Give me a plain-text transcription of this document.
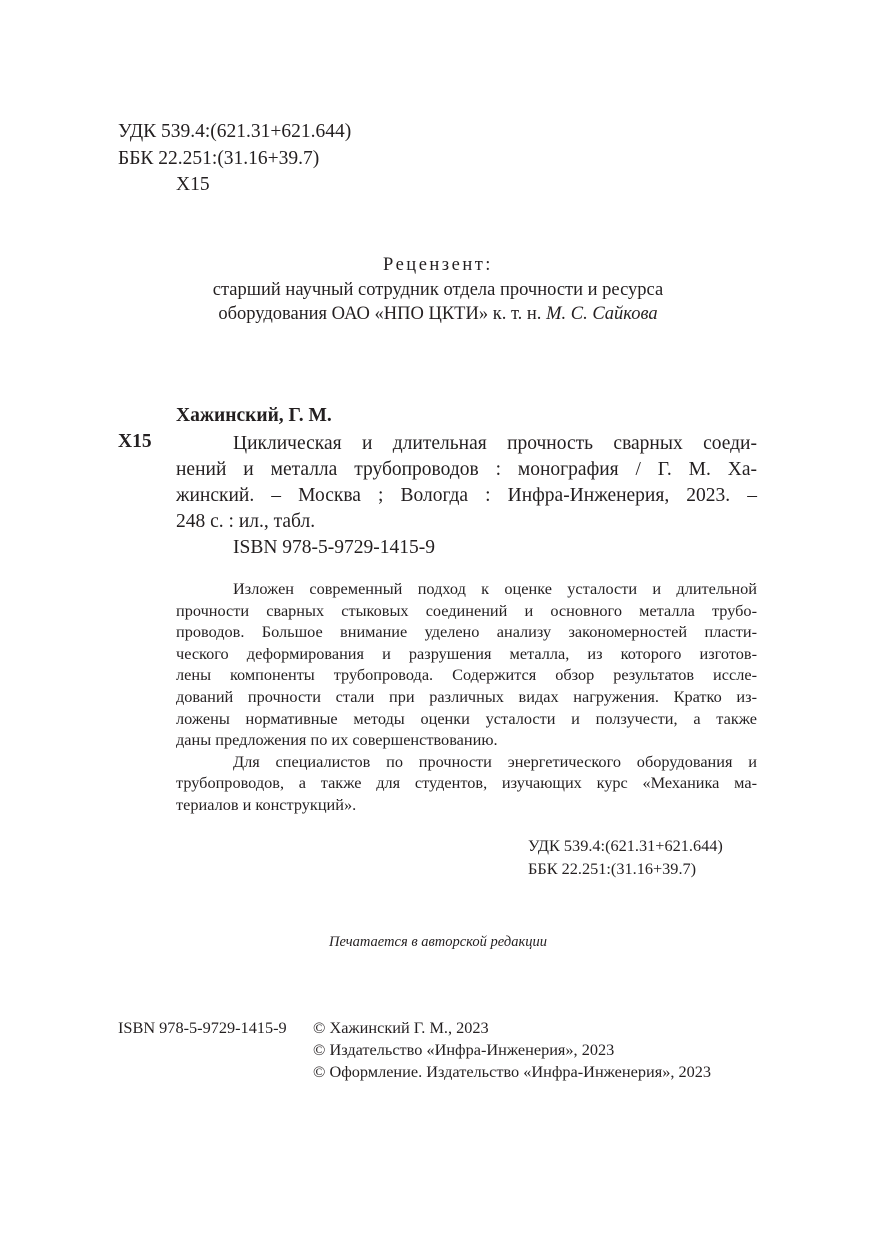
УДК 539.4:(621.31+621.644)
ББК 22.251:(31.16+39.7)
Х15
Рецензент:
старший научный сотрудник отдела прочности и ресурса
оборудования ОАО «НПО ЦКТИ» к. т. н. М. С. Сайкова
Хажинский, Г. М.
Х15	Циклическая и длительная прочность сварных соеди-
нений и металла трубопроводов : монография / Г. М. Ха-
жинский. – Москва ; Вологда : Инфра-Инженерия, 2023. –
248 с. : ил., табл.
ISBN 978-5-9729-1415-9
Изложен современный подход к оценке усталости и длительной
прочности сварных стыковых соединений и основного металла трубо-
проводов. Большое внимание уделено анализу закономерностей пласти-
ческого деформирования и разрушения металла, из которого изготов-
лены компоненты трубопровода. Содержится обзор результатов иссле-
дований прочности стали при различных видах нагружения. Кратко из-
ложены нормативные методы оценки усталости и ползучести, а также
даны предложения по их совершенствованию.
Для специалистов по прочности энергетического оборудования и
трубопроводов, а также для студентов, изучающих курс «Механика ма-
териалов и конструкций».
УДК 539.4:(621.31+621.644)
ББК 22.251:(31.16+39.7)
Печатается в авторской редакции
ISBN 978-5-9729-1415-9 © Хажинский Г. М., 2023
© Издательство «Инфра-Инженерия», 2023
© Оформление. Издательство «Инфра-Инженерия», 2023
